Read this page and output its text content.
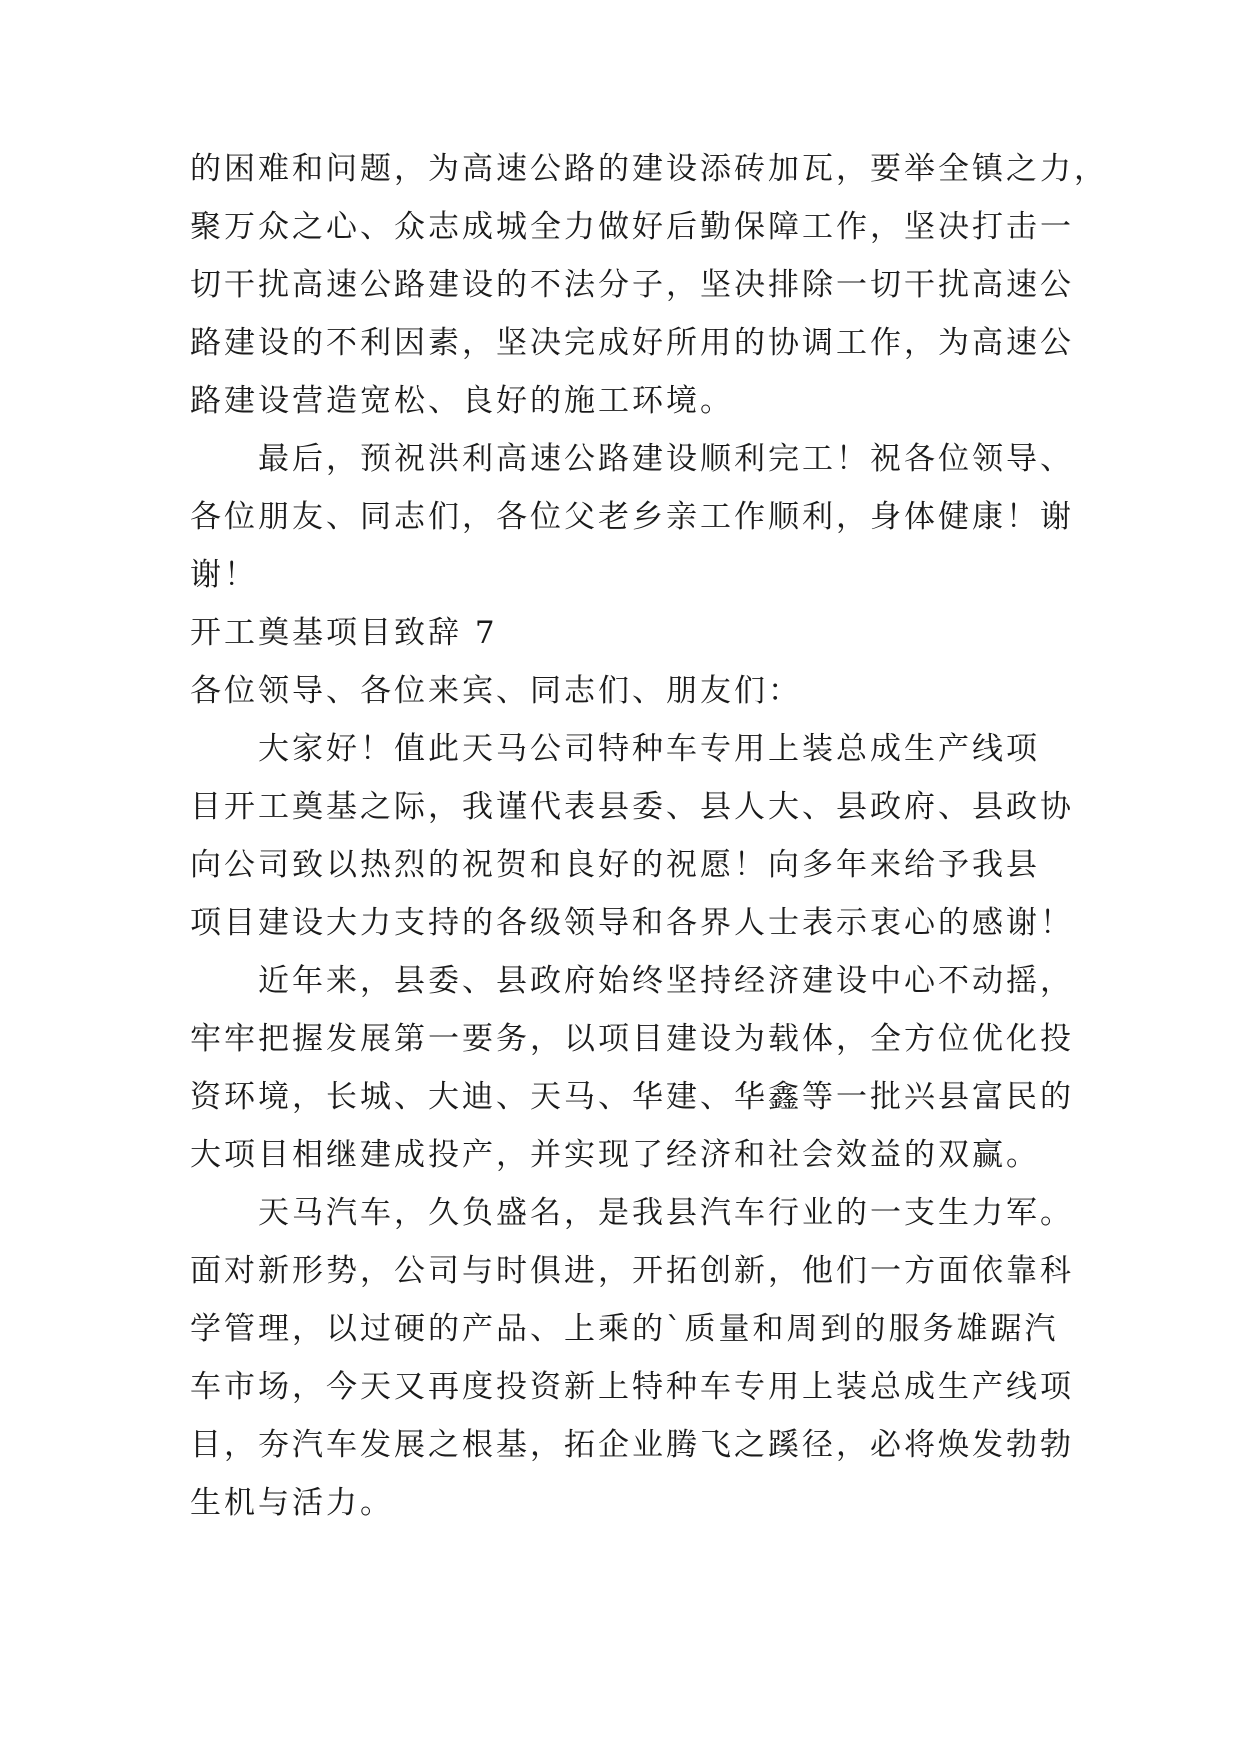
的困难和问题，为高速公路的建设添砖加瓦，要举全镇之力，
聚万众之心、众志成城全力做好后勤保障工作，坚决打击一
切干扰高速公路建设的不法分子，坚决排除一切干扰高速公
路建设的不利因素，坚决完成好所用的协调工作，为高速公
路建设营造宽松、良好的施工环境。
最后，预祝洪利高速公路建设顺利完工！祝各位领导、
各位朋友、同志们，各位父老乡亲工作顺利，身体健康！谢
谢！
开工奠基项目致辞 7
各位领导、各位来宾、同志们、朋友们：
大家好！值此天马公司特种车专用上装总成生产线项
目开工奠基之际，我谨代表县委、县人大、县政府、县政协
向公司致以热烈的祝贺和良好的祝愿！向多年来给予我县
项目建设大力支持的各级领导和各界人士表示衷心的感谢！
近年来，县委、县政府始终坚持经济建设中心不动摇，
牢牢把握发展第一要务，以项目建设为载体，全方位优化投
资环境，长城、大迪、天马、华建、华鑫等一批兴县富民的
大项目相继建成投产，并实现了经济和社会效益的双赢。
天马汽车，久负盛名，是我县汽车行业的一支生力军。
面对新形势，公司与时俱进，开拓创新，他们一方面依靠科
学管理，以过硬的产品、上乘的`质量和周到的服务雄踞汽
车市场，今天又再度投资新上特种车专用上装总成生产线项
目，夯汽车发展之根基，拓企业腾飞之蹊径，必将焕发勃勃
生机与活力。
